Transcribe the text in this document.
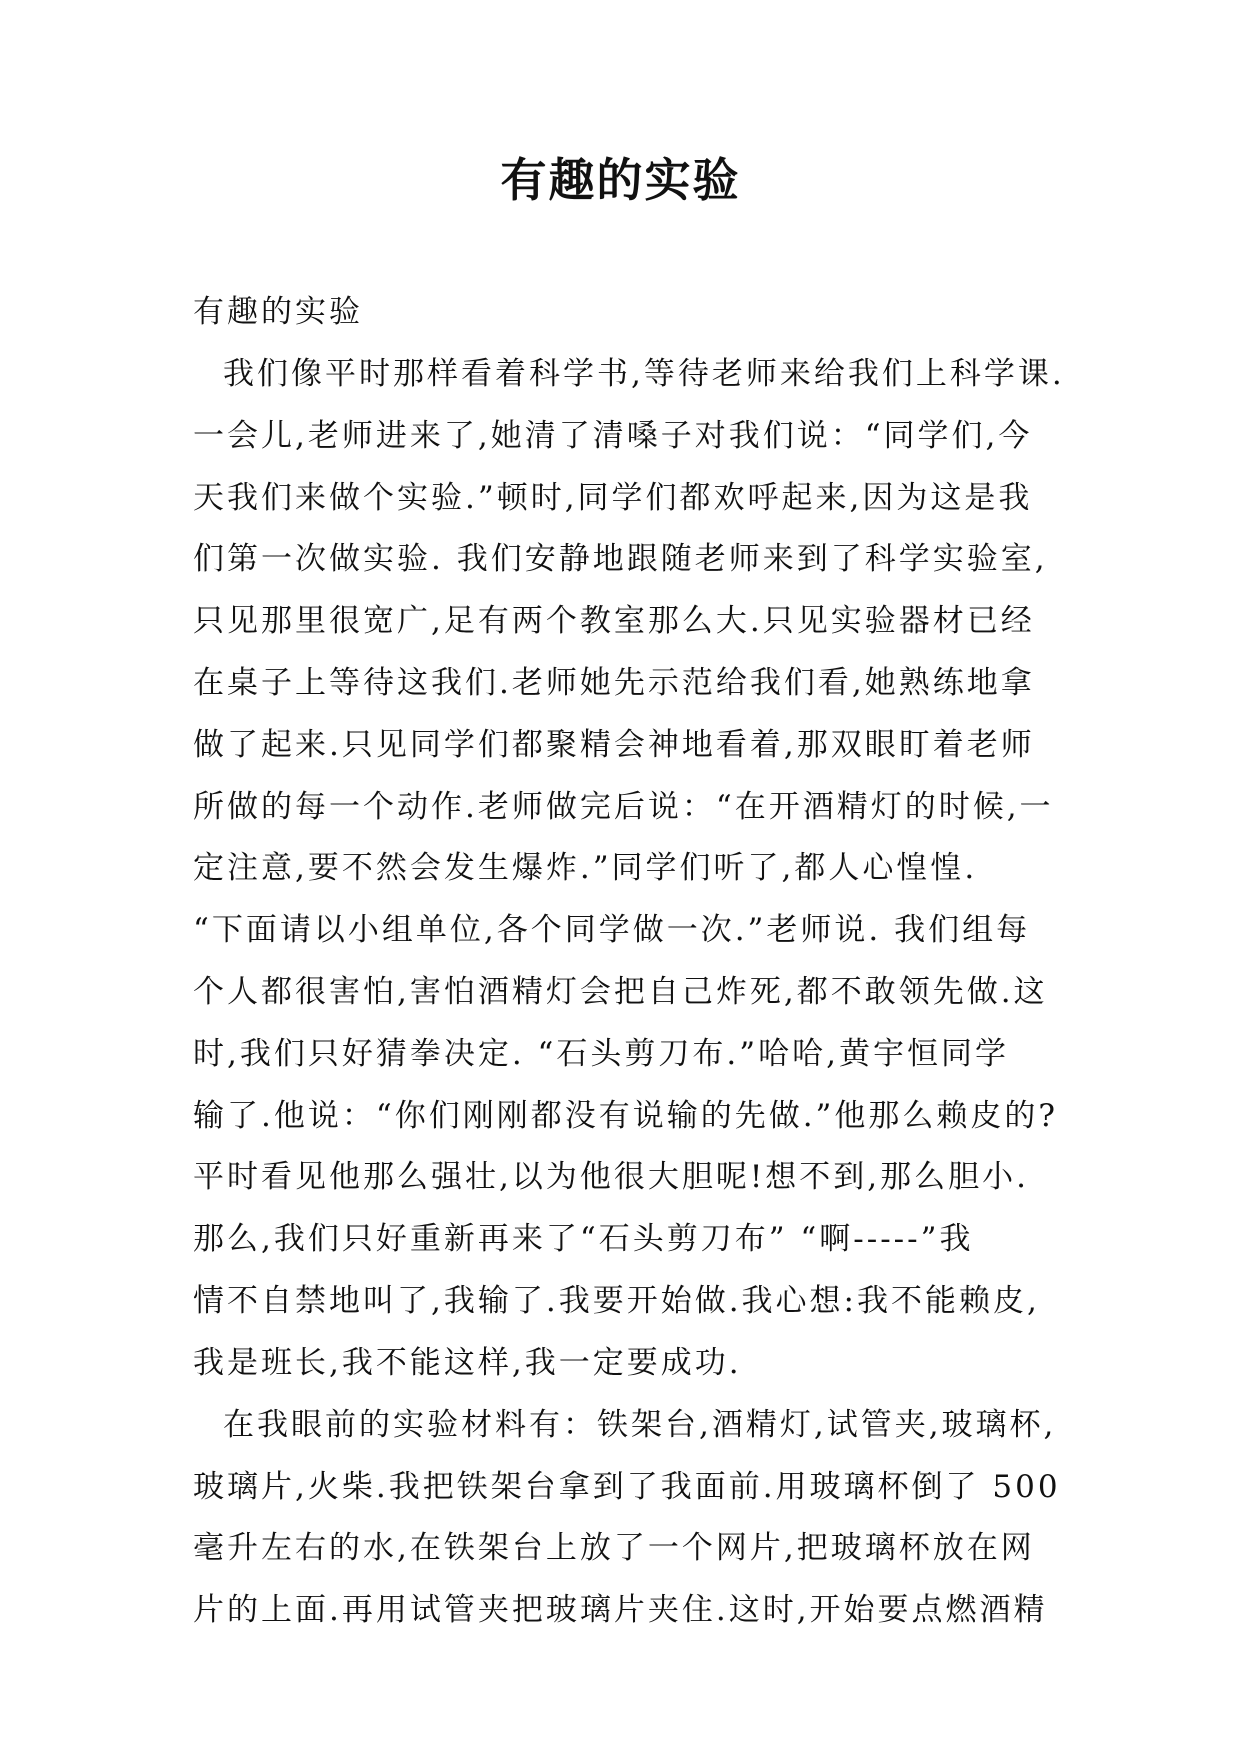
有趣的实验
有趣的实验
我们像平时那样看着科学书,等待老师来给我们上科学课.
一会儿,老师进来了,她清了清嗓子对我们说：“同学们,今
天我们来做个实验.”顿时,同学们都欢呼起来,因为这是我
们第一次做实验. 我们安静地跟随老师来到了科学实验室,
只见那里很宽广,足有两个教室那么大.只见实验器材已经
在桌子上等待这我们.老师她先示范给我们看,她熟练地拿
做了起来.只见同学们都聚精会神地看着,那双眼盯着老师
所做的每一个动作.老师做完后说：“在开酒精灯的时候,一
定注意,要不然会发生爆炸.”同学们听了,都人心惶惶.
“下面请以小组单位,各个同学做一次.”老师说. 我们组每
个人都很害怕,害怕酒精灯会把自己炸死,都不敢领先做.这
时,我们只好猜拳决定. “石头剪刀布.”哈哈,黄宇恒同学
输了.他说：“你们刚刚都没有说输的先做.”他那么赖皮的?
平时看见他那么强壮,以为他很大胆呢!想不到,那么胆小.
那么,我们只好重新再来了“石头剪刀布” “啊-----”我
情不自禁地叫了,我输了.我要开始做.我心想:我不能赖皮,
我是班长,我不能这样,我一定要成功.
在我眼前的实验材料有：铁架台,酒精灯,试管夹,玻璃杯,
玻璃片,火柴.我把铁架台拿到了我面前.用玻璃杯倒了 500
毫升左右的水,在铁架台上放了一个网片,把玻璃杯放在网
片的上面.再用试管夹把玻璃片夹住.这时,开始要点燃酒精
